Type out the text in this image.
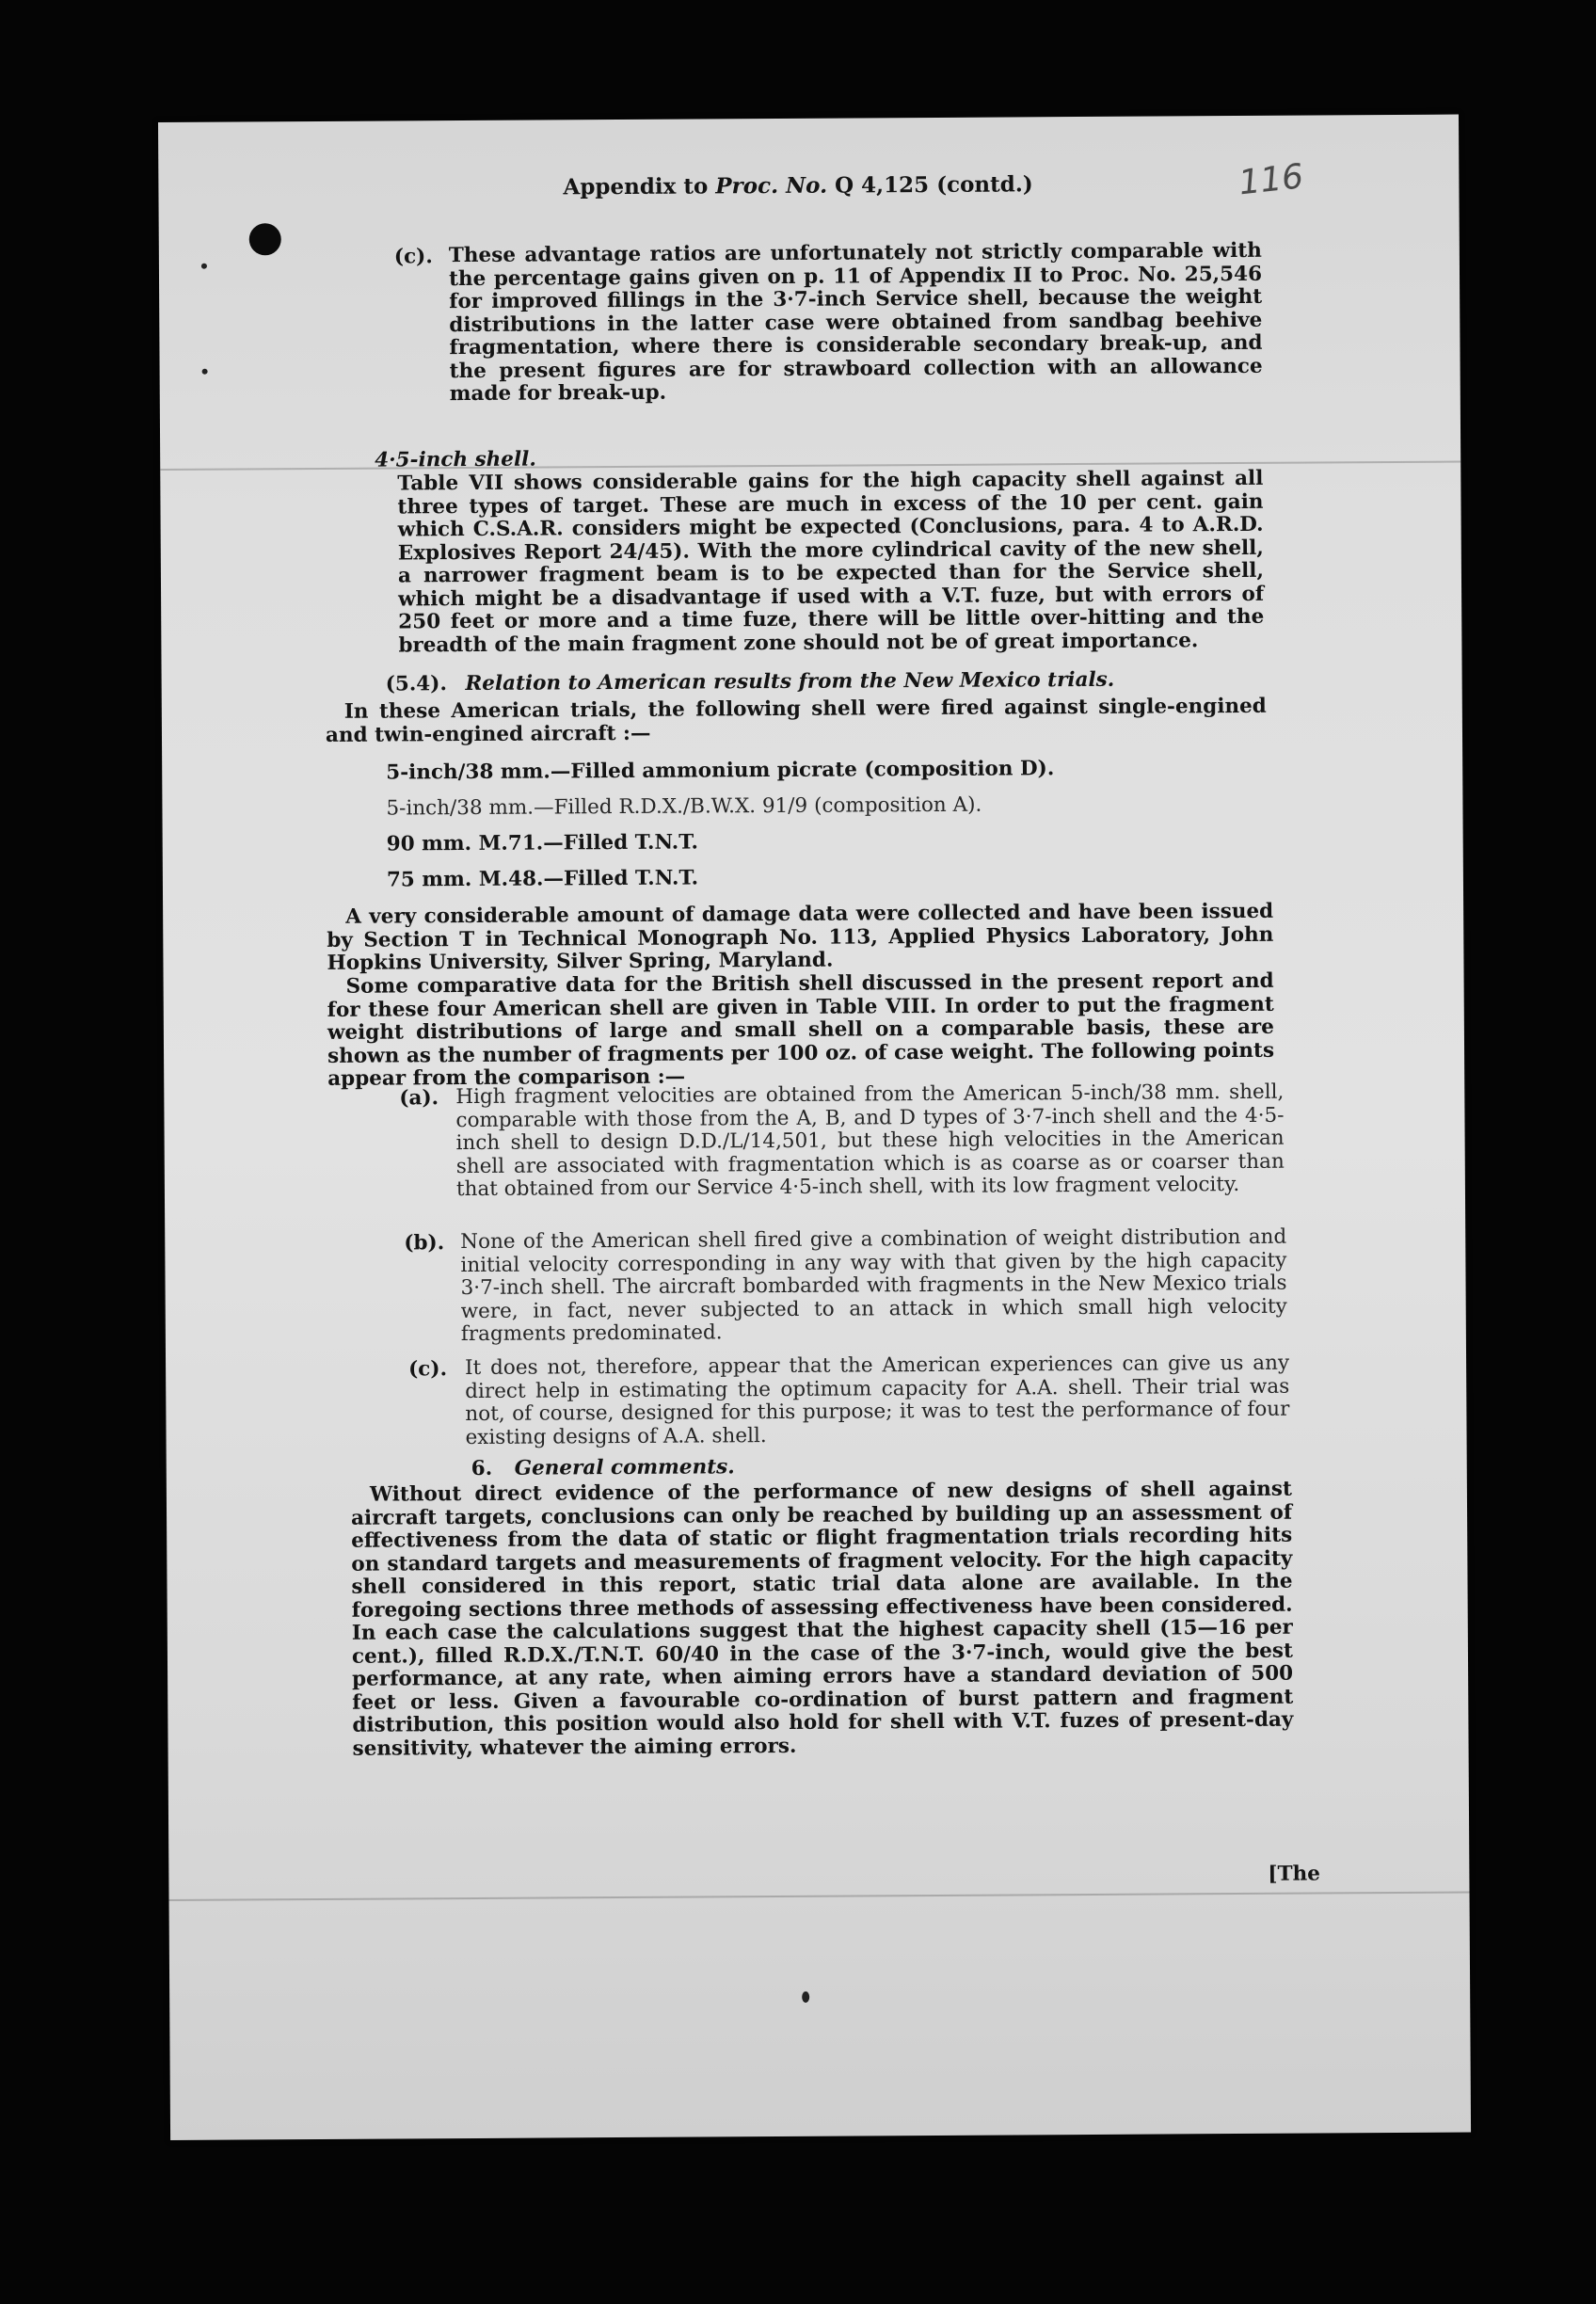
116
Appendix to Proc. No. Q 4,125 (contd.)
(c). These advantage ratios are unfortunately not strictly comparable with the percentage gains given on p. 11 of Appendix II to Proc. No. 25,546 for improved fillings in the 3·7-inch Service shell, because the weight distributions in the latter case were obtained from sandbag beehive fragmentation, where there is considerable secondary break-up, and the present figures are for strawboard collection with an allowance made for break-up.
4·5-inch shell.
Table VII shows considerable gains for the high capacity shell against all three types of target. These are much in excess of the 10 per cent. gain which C.S.A.R. considers might be expected (Conclusions, para. 4 to A.R.D. Explosives Report 24/45). With the more cylindrical cavity of the new shell, a narrower fragment beam is to be expected than for the Service shell, which might be a disadvantage if used with a V.T. fuze, but with errors of 250 feet or more and a time fuze, there will be little over-hitting and the breadth of the main fragment zone should not be of great importance.
(5.4). Relation to American results from the New Mexico trials.
In these American trials, the following shell were fired against single-engined and twin-engined aircraft :—
5-inch/38 mm.—Filled ammonium picrate (composition D).
5-inch/38 mm.—Filled R.D.X./B.W.X. 91/9 (composition A).
90 mm. M.71.—Filled T.N.T.
75 mm. M.48.—Filled T.N.T.
A very considerable amount of damage data were collected and have been issued by Section T in Technical Monograph No. 113, Applied Physics Laboratory, John Hopkins University, Silver Spring, Maryland.
Some comparative data for the British shell discussed in the present report and for these four American shell are given in Table VIII. In order to put the fragment weight distributions of large and small shell on a comparable basis, these are shown as the number of fragments per 100 oz. of case weight. The following points appear from the comparison :—
(a). High fragment velocities are obtained from the American 5-inch/38 mm. shell, comparable with those from the A, B, and D types of 3·7-inch shell and the 4·5-inch shell to design D.D./L/14,501, but these high velocities in the American shell are associated with fragmentation which is as coarse as or coarser than that obtained from our Service 4·5-inch shell, with its low fragment velocity.
(b). None of the American shell fired give a combination of weight distribution and initial velocity corresponding in any way with that given by the high capacity 3·7-inch shell. The aircraft bombarded with fragments in the New Mexico trials were, in fact, never subjected to an attack in which small high velocity fragments predominated.
(c). It does not, therefore, appear that the American experiences can give us any direct help in estimating the optimum capacity for A.A. shell. Their trial was not, of course, designed for this purpose; it was to test the performance of four existing designs of A.A. shell.
6. General comments.
Without direct evidence of the performance of new designs of shell against aircraft targets, conclusions can only be reached by building up an assessment of effectiveness from the data of static or flight fragmentation trials recording hits on standard targets and measurements of fragment velocity. For the high capacity shell considered in this report, static trial data alone are available. In the foregoing sections three methods of assessing effectiveness have been considered. In each case the calculations suggest that the highest capacity shell (15—16 per cent.), filled R.D.X./T.N.T. 60/40 in the case of the 3·7-inch, would give the best performance, at any rate, when aiming errors have a standard deviation of 500 feet or less. Given a favourable co-ordination of burst pattern and fragment distribution, this position would also hold for shell with V.T. fuzes of present-day sensitivity, whatever the aiming errors.
[The
